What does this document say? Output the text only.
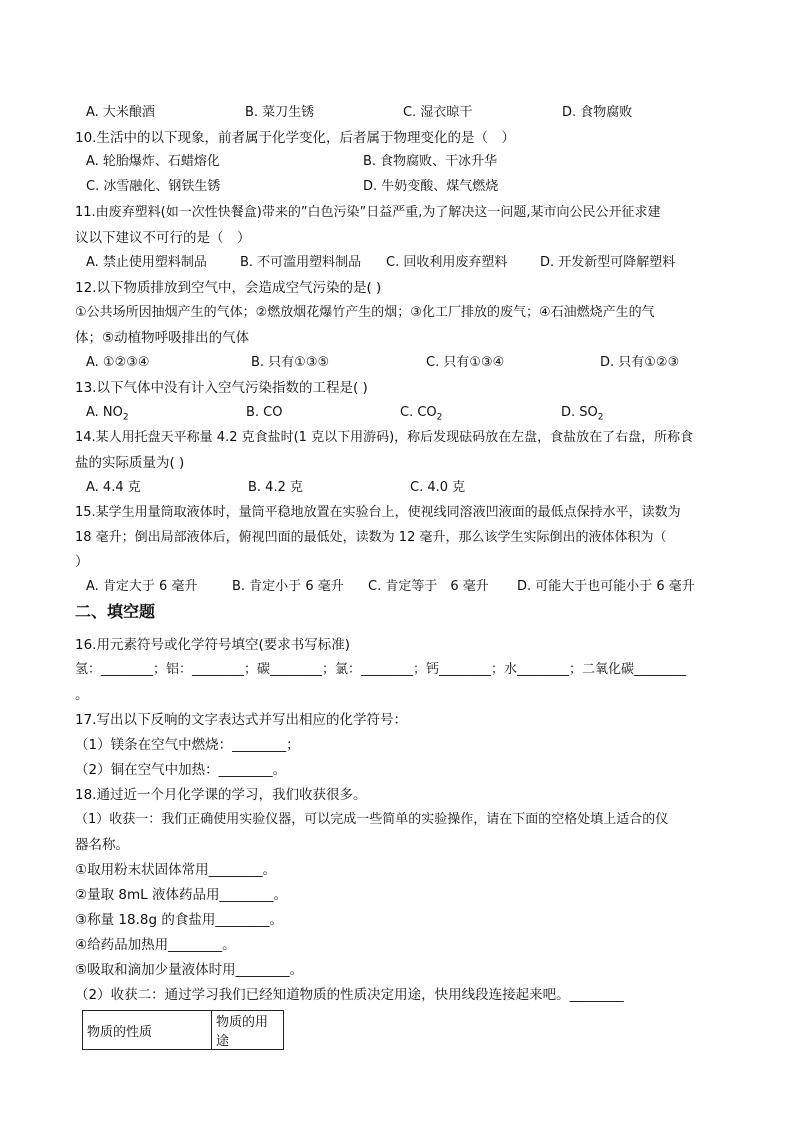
A. 大米酿酒	B. 菜刀生锈	C. 湿衣晾干	D. 食物腐败
10.生活中的以下现象，前者属于化学变化，后者属于物理变化的是（　）
A. 轮胎爆炸、石蜡熔化	B. 食物腐败、干冰升华
C. 冰雪融化、钢铁生锈	D. 牛奶变酸、煤气燃烧
11.由废弃塑料(如一次性快餐盒)带来的”白色污染”日益严重,为了解决这一问题,某市向公民公开征求建
议以下建议不可行的是（　）
A. 禁止使用塑料制品	B. 不可滥用塑料制品 C. 回收利用废弃塑料	D. 开发新型可降解塑料
12.以下物质排放到空气中，会造成空气污染的是( )
①公共场所因抽烟产生的气体；②燃放烟花爆竹产生的烟；③化工厂排放的废气；④石油燃烧产生的气
体；⑤动植物呼吸排出的气体
A. ①②③④	B. 只有①③⑤	C. 只有①③④	D. 只有①②③
13.以下气体中没有计入空气污染指数的工程是( )
A. $NO_2$	B. CO	C. $CO_2$	D. $SO_2$
14.某人用托盘天平称量 4.2 克食盐时(1 克以下用游码)，称后发现砝码放在左盘，食盐放在了右盘，所称食
盐的实际质量为( )
A. 4.4 克	B. 4.2 克	C. 4.0 克
15.某学生用量筒取液体时，量筒平稳地放置在实验台上，使视线同溶液凹液面的最低点保持水平，读数为
18 毫升；倒出局部液体后，俯视凹面的最低处，读数为 12 毫升，那么该学生实际倒出的液体体积为（
）
A. 肯定大于 6 毫升	B. 肯定小于 6 毫升 C. 肯定等于　6 毫升 D. 可能大于也可能小于 6 毫升
二、填空题
16.用元素符号或化学符号填空(要求书写标准)
氢：________；铝：________；碳________；氯：________；钙________；水________；二氧化碳________
。
17.写出以下反响的文字表达式并写出相应的化学符号：
（1）镁条在空气中燃烧：________；
（2）铜在空气中加热：________。
18.通过近一个月化学课的学习，我们收获很多。
（1）收获一：我们正确使用实验仪器，可以完成一些简单的实验操作，请在下面的空格处填上适合的仪
器名称。
①取用粉末状固体常用________。
②量取 8mL 液体药品用________。
③称量 18.8g 的食盐用________。
④给药品加热用________。
⑤吸取和滴加少量液体时用________。
（2）收获二：通过学习我们已经知道物质的性质决定用途，快用线段连接起来吧。________
物质的性质	物质的用途
